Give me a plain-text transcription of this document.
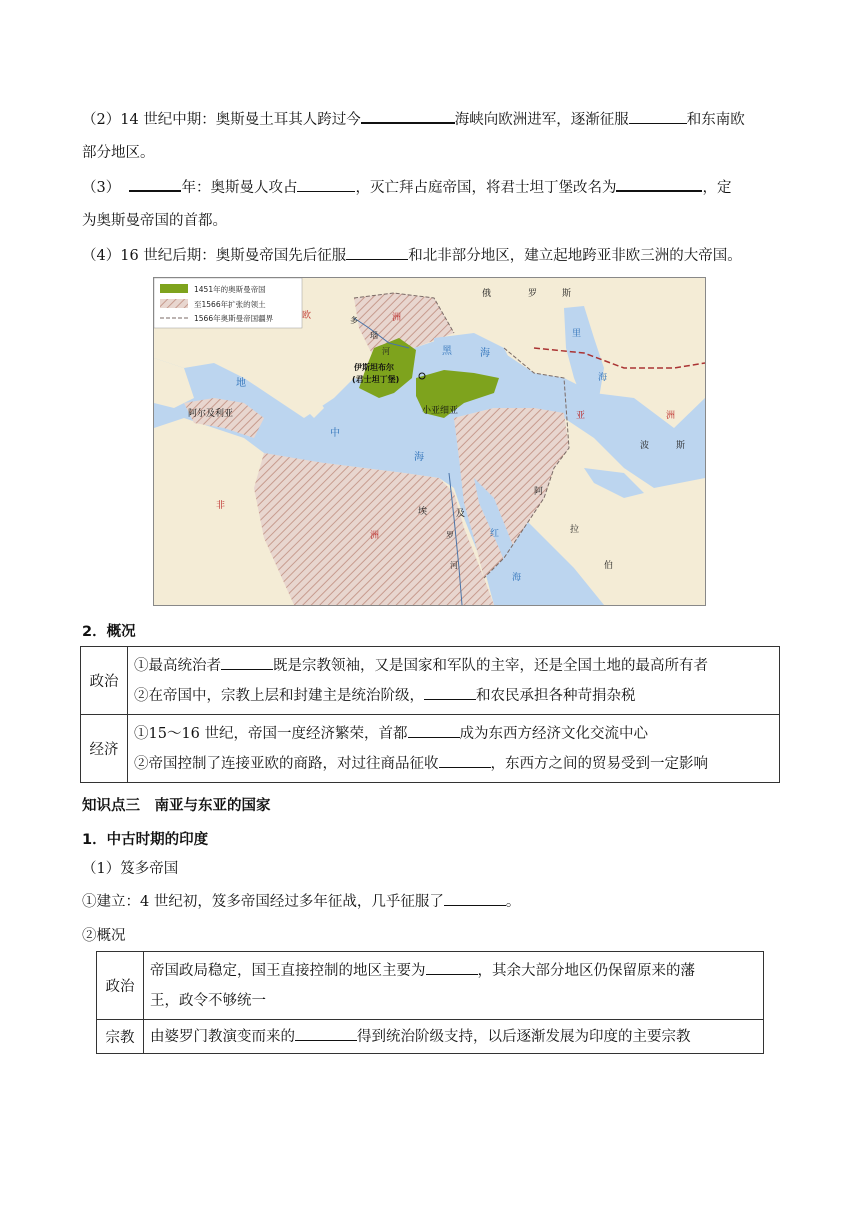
（2）14 世纪中期：奥斯曼土耳其人跨过今	海峡向欧洲进军，逐渐征服	和东南欧
部分地区。
（3）	年：奥斯曼人攻占	，灭亡拜占庭帝国，将君士坦丁堡改名为	，定
为奥斯曼帝国的首都。
（4）16 世纪后期：奥斯曼帝国先后征服	和北非部分地区，建立起地跨亚非欧三洲的大帝国。
1451年的奥斯曼帝国
至1566年扩张的领土
1566年奥斯曼帝国疆界
俄	罗	斯
欧	洲
多
瑙
河	黑	海
里
海
伊斯坦布尔
(君士坦丁堡)
小亚细亚
地
中
海
阿尔及利亚	亚	洲
波	斯
非
洲
埃	及
罗
河
红
海
阿
拉
伯
2．概况
政治	①最高统治者 既是宗教领袖，又是国家和军队的主宰，还是全国土地的最高所有者
②在帝国中，宗教上层和封建主是统治阶级， 和农民承担各种苛捐杂税
经济	①15～16 世纪，帝国一度经济繁荣，首都 成为东西方经济文化交流中心
②帝国控制了连接亚欧的商路，对过往商品征收 ，东西方之间的贸易受到一定影响
知识点三　南亚与东亚的国家
1．中古时期的印度
（1）笈多帝国
①建立：4 世纪初，笈多帝国经过多年征战，几乎征服了	。
②概况
政治	帝国政局稳定，国王直接控制的地区主要为 ，其余大部分地区仍保留原来的藩
王，政令不够统一
宗教	由婆罗门教演变而来的 得到统治阶级支持，以后逐渐发展为印度的主要宗教
